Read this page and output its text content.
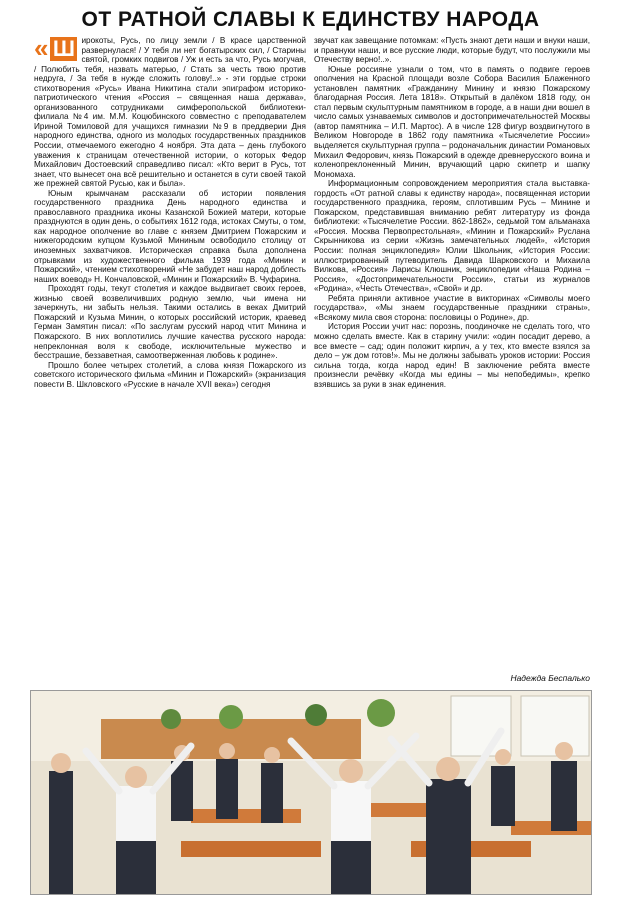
ОТ РАТНОЙ СЛАВЫ К ЕДИНСТВУ НАРОДА

« Ш ирокоты, Русь, по лицу земли / В красе царственной развернулася! / У тебя ли нет богатырских сил, / Старины святой, громких подвигов / Уж и есть за что, Русь могучая, / Полюбить тебя, назвать матерью, / Стать за честь твою против недруга, / За тебя в нужде сложить голову!..» - эти гордые строки стихотворения «Русь» Ивана Никитина стали эпиграфом историко-патриотического чтения «Россия – священная наша держава», организованного сотрудниками симферопольской библиотеки-филиала №4 им. М.М. Коцюбинского совместно с преподавателем Ириной Томиловой для учащихся гимназии №9 в преддверии Дня народного единства, одного из молодых государственных праздников России, отмечаемого ежегодно 4 ноября. Эта дата – день глубокого уважения к страницам отечественной истории, о которых Федор Михайлович Достоевский справедливо писал: «Кто верит в Русь, тот знает, что вынесет она всё решительно и останется в сути своей такой же прежней святой Русью, как и была».

Юным крымчанам рассказали об истории появления государственного праздника День народного единства и православного праздника иконы Казанской Божией матери, которые празднуются в один день, о событиях 1612 года, истоках Смуты, о том, как народное ополчение во главе с князем Дмитрием Пожарским и нижегородским купцом Кузьмой Мининым освободило столицу от иноземных захватчиков. Историческая справка была дополнена отрывками из художественного фильма 1939 года «Минин и Пожарский», чтением стихотворений «Не забудет наш народ доблесть наших воевод» Н. Кончаловской, «Минин и Пожарский» В. Чуфарина.

Проходят годы, текут столетия и каждое выдвигает своих героев, жизнью своей возвеличивших родную землю, чьи имена ни зачеркнуть, ни забыть нельзя. Такими остались в веках Дмитрий Пожарский и Кузьма Минин, о которых российский историк, краевед Герман Замятин писал: «По заслугам русский народ чтит Минина и Пожарского. В них воплотились лучшие качества русского народа: непреклонная воля к свободе, исключительные мужество и бесстрашие, беззаветная, самоотверженная любовь к родине».

Прошло более четырех столетий, а слова князя Пожарского из советского исторического фильма «Минин и Пожарский» (экранизация повести В. Шкловского «Русские в начале XVII века») сегодня

звучат как завещание потомкам: «Пусть знают дети наши и внуки наши, и правнуки наши, и все русские люди, которые будут, что послужили мы Отечеству верно!..».

Юные россияне узнали о том, что в память о подвиге героев ополчения на Красной площади возле Собора Василия Блаженного установлен памятник «Гражданину Минину и князю Пожарскому благодарная Россия. Лета 1818». Открытый в далёком 1818 году, он стал первым скульптурным памятником в городе, а в наши дни вошел в число самых узнаваемых символов и достопримечательностей Москвы (автор памятника – И.П. Мартос). А в числе 128 фигур воздвигнутого в Великом Новгороде в 1862 году памятника «Тысячелетие России» выделяется скульптурная группа – родоначальник династии Романовых Михаил Федорович, князь Пожарский в одежде древнерусского воина и коленопреклоненный Минин, вручающий царю скипетр и шапку Мономаха.

Информационным сопровождением мероприятия стала выставка-гордость «От ратной славы к единству народа», посвященная истории государственного праздника, героям, сплотившим Русь – Минине и Пожарском, представившая вниманию ребят литературу из фонда библиотеки: «Тысячелетие России. 862-1862», седьмой том альманаха «Россия. Москва Первопрестольная», «Минин и Пожарский» Руслана Скрынникова из серии «Жизнь замечательных людей», «История России: полная энциклопедия» Юлии Школьник, «История России: иллюстрированный путеводитель Давида Шарковского и Михаила Вилкова, «Россия» Ларисы Клюшник, энциклопедии «Наша Родина – Россия», «Достопримечательности России», статьи из журналов «Родина», «Честь Отечества», «Свой» и др.

Ребята приняли активное участие в викторинах «Символы моего государства», «Мы знаем государственные праздники страны», «Всякому мила своя сторона: пословицы о Родине», др.

История России учит нас: порознь, поодиночке не сделать того, что можно сделать вместе. Как в старину учили: «один посадит дерево, а все вместе – сад; один положит кирпич, а у тех, кто вместе взялся за дело – уж дом готов!». Мы не должны забывать уроков истории: Россия сильна тогда, когда народ един! В заключение ребята вместе произнесли речёвку «Когда мы едины – мы непобедимы», крепко взявшись за руки в знак единения.

Надежда Беспалько
